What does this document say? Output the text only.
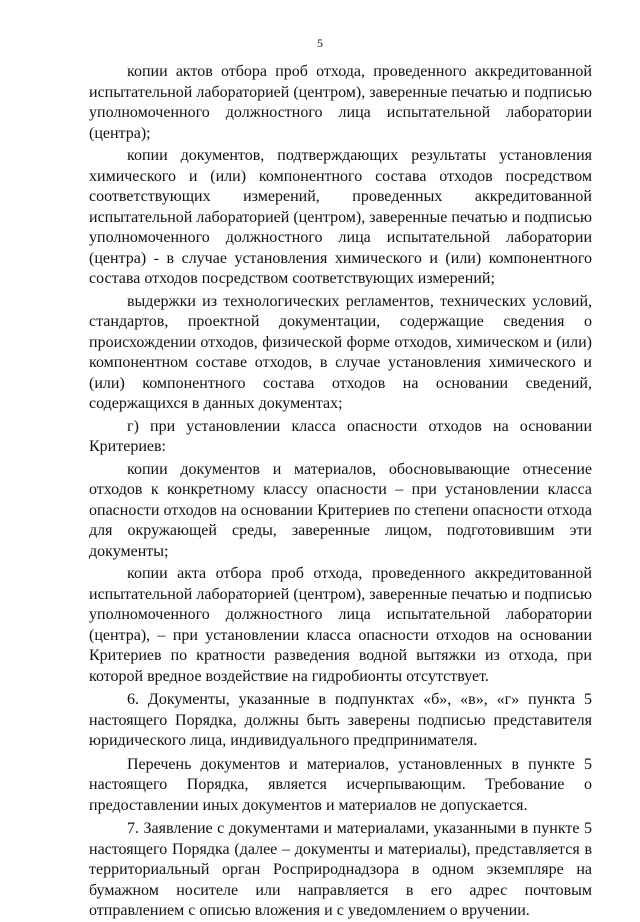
5

копии актов отбора проб отхода, проведенного аккредитованной испытательной лабораторией (центром), заверенные печатью и подписью уполномоченного должностного лица испытательной лаборатории (центра);

копии документов, подтверждающих результаты установления химического и (или) компонентного состава отходов посредством соответствующих измерений, проведенных аккредитованной испытательной лабораторией (центром), заверенные печатью и подписью уполномоченного должностного лица испытательной лаборатории (центра) - в случае установления химического и (или) компонентного состава отходов посредством соответствующих измерений;

выдержки из технологических регламентов, технических условий, стандартов, проектной документации, содержащие сведения о происхождении отходов, физической форме отходов, химическом и (или) компонентном составе отходов, в случае установления химического и (или) компонентного состава отходов на основании сведений, содержащихся в данных документах;

г) при установлении класса опасности отходов на основании Критериев:

копии документов и материалов, обосновывающие отнесение отходов к конкретному классу опасности – при установлении класса опасности отходов на основании Критериев по степени опасности отхода для окружающей среды, заверенные лицом, подготовившим эти документы;

копии акта отбора проб отхода, проведенного аккредитованной испытательной лабораторией (центром), заверенные печатью и подписью уполномоченного должностного лица испытательной лаборатории (центра), – при установлении класса опасности отходов на основании Критериев по кратности разведения водной вытяжки из отхода, при которой вредное воздействие на гидробионты отсутствует.

6. Документы, указанные в подпунктах «б», «в», «г» пункта 5 настоящего Порядка, должны быть заверены подписью представителя юридического лица, индивидуального предпринимателя.

Перечень документов и материалов, установленных в пункте 5 настоящего Порядка, является исчерпывающим. Требование о предоставлении иных документов и материалов не допускается.

7. Заявление с документами и материалами, указанными в пункте 5 настоящего Порядка (далее – документы и материалы), представляется в территориальный орган Росприроднадзора в одном экземпляре на бумажном носителе или направляется в его адрес почтовым отправлением с описью вложения и с уведомлением о вручении.
